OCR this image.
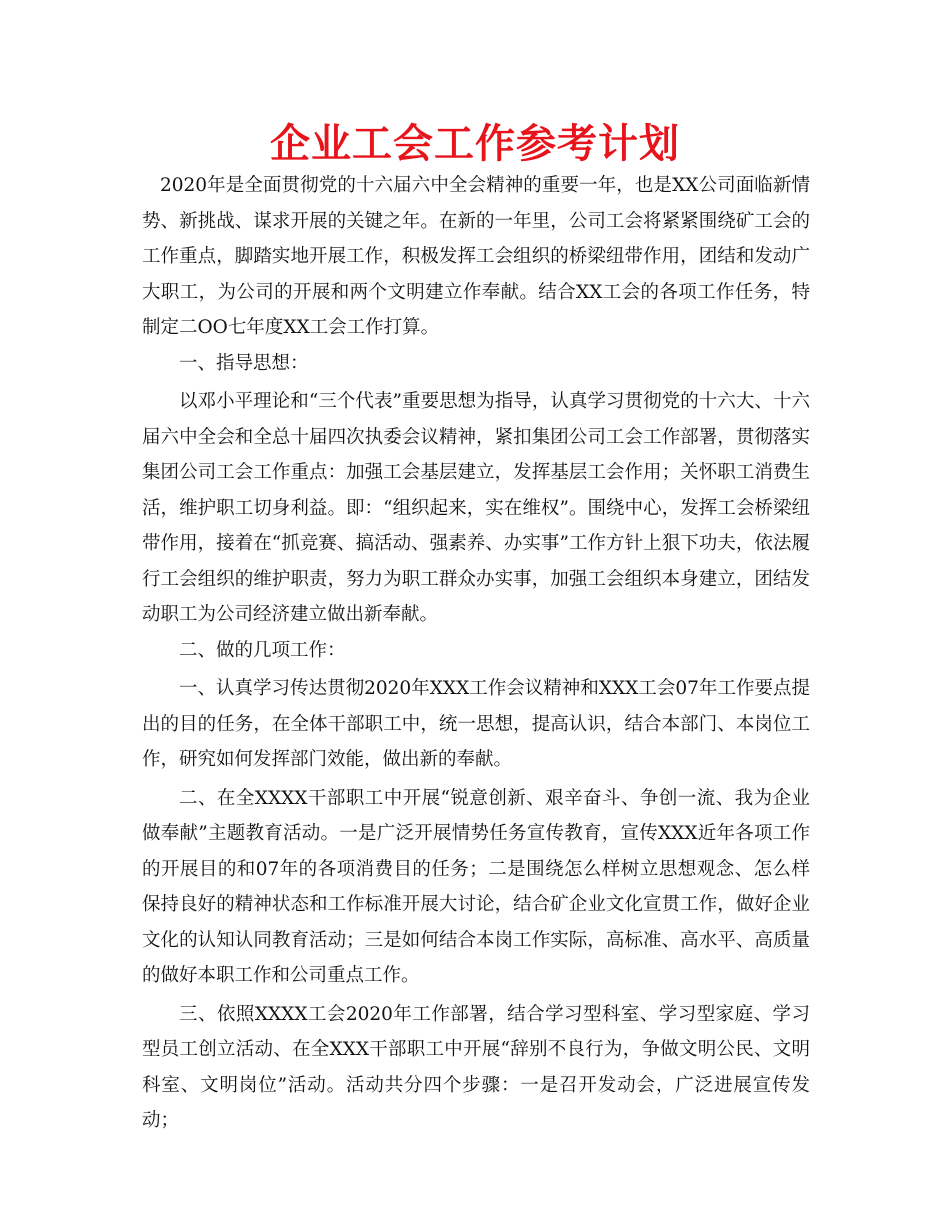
企业工会工作参考计划

2020年是全面贯彻党的十六届六中全会精神的重要一年，也是XX公司面临新情势、新挑战、谋求开展的关键之年。在新的一年里，公司工会将紧紧围绕矿工会的工作重点，脚踏实地开展工作，积极发挥工会组织的桥梁纽带作用，团结和发动广大职工，为公司的开展和两个文明建立作奉献。结合XX工会的各项工作任务，特制定二OO七年度XX工会工作打算。

一、指导思想：

以邓小平理论和“三个代表”重要思想为指导，认真学习贯彻党的十六大、十六届六中全会和全总十届四次执委会议精神，紧扣集团公司工会工作部署，贯彻落实集团公司工会工作重点：加强工会基层建立，发挥基层工会作用；关怀职工消费生活，维护职工切身利益。即：“组织起来，实在维权”。围绕中心，发挥工会桥梁纽带作用，接着在“抓竞赛、搞活动、强素养、办实事”工作方针上狠下功夫，依法履行工会组织的维护职责，努力为职工群众办实事，加强工会组织本身建立，团结发动职工为公司经济建立做出新奉献。

二、做的几项工作：

一、认真学习传达贯彻2020年XXX工作会议精神和XXX工会07年工作要点提出的目的任务，在全体干部职工中，统一思想，提高认识，结合本部门、本岗位工作，研究如何发挥部门效能，做出新的奉献。

二、在全XXXX干部职工中开展“锐意创新、艰辛奋斗、争创一流、我为企业做奉献”主题教育活动。一是广泛开展情势任务宣传教育，宣传XXX近年各项工作的开展目的和07年的各项消费目的任务；二是围绕怎么样树立思想观念、怎么样保持良好的精神状态和工作标准开展大讨论，结合矿企业文化宣贯工作，做好企业文化的认知认同教育活动；三是如何结合本岗工作实际，高标准、高水平、高质量的做好本职工作和公司重点工作。

三、依照XXXX工会2020年工作部署，结合学习型科室、学习型家庭、学习型员工创立活动、在全XXX干部职工中开展“辞别不良行为，争做文明公民、文明科室、文明岗位”活动。活动共分四个步骤：一是召开发动会，广泛进展宣传发动；
